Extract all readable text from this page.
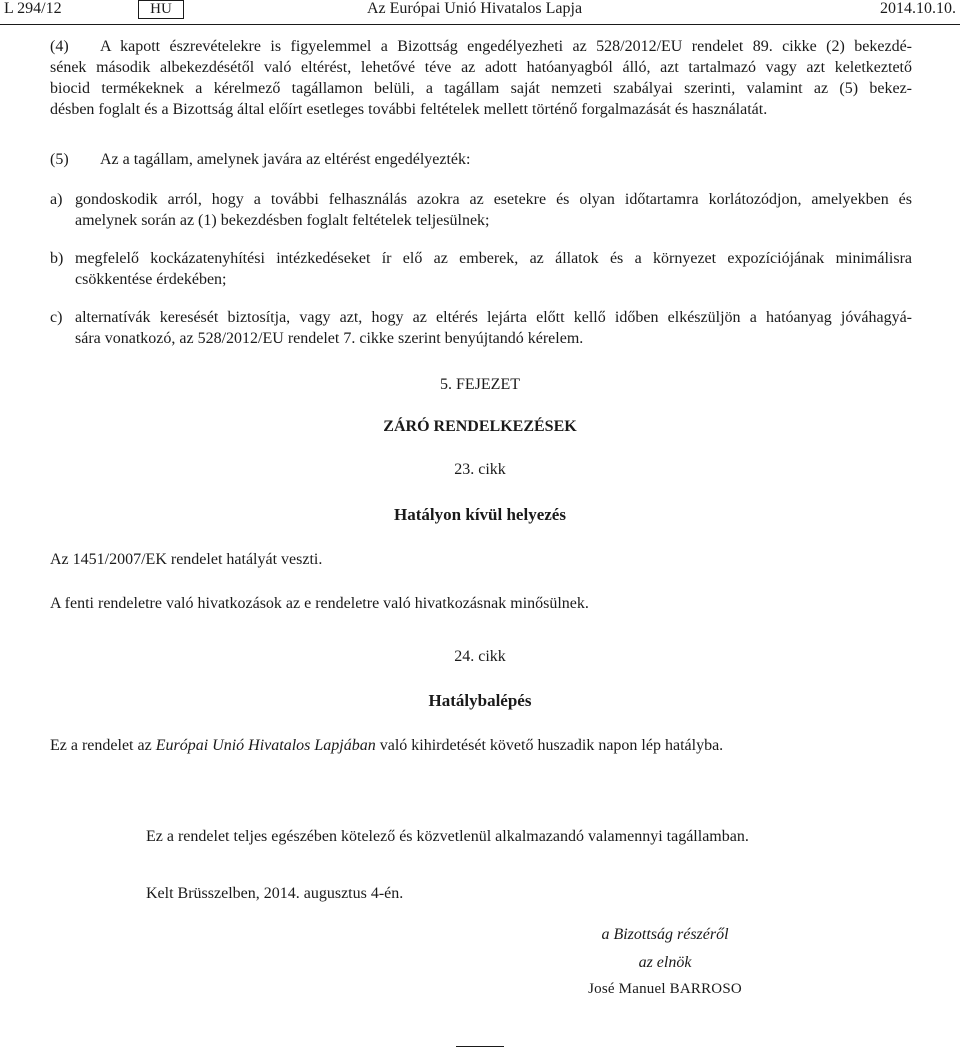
L 294/12	HU	Az Európai Unió Hivatalos Lapja	2014.10.10.
(4) A kapott észrevételekre is figyelemmel a Bizottság engedélyezheti az 528/2012/EU rendelet 89. cikke (2) bekezdé-
sének második albekezdésétől való eltérést, lehetővé téve az adott hatóanyagból álló, azt tartalmazó vagy azt keletkeztető
biocid termékeknek a kérelmező tagállamon belüli, a tagállam saját nemzeti szabályai szerinti, valamint az (5) bekez-
désben foglalt és a Bizottság által előírt esetleges további feltételek mellett történő forgalmazását és használatát.
(5) Az a tagállam, amelynek javára az eltérést engedélyezték:
a) gondoskodik arról, hogy a további felhasználás azokra az esetekre és olyan időtartamra korlátozódjon, amelyekben és
amelynek során az (1) bekezdésben foglalt feltételek teljesülnek;
b) megfelelő kockázatenyhítési intézkedéseket ír elő az emberek, az állatok és a környezet expozíciójának minimálisra
csökkentése érdekében;
c) alternatívák keresését biztosítja, vagy azt, hogy az eltérés lejárta előtt kellő időben elkészüljön a hatóanyag jóváhagyá-
sára vonatkozó, az 528/2012/EU rendelet 7. cikke szerint benyújtandó kérelem.
5. FEJEZET
ZÁRÓ RENDELKEZÉSEK
23. cikk
Hatályon kívül helyezés
Az 1451/2007/EK rendelet hatályát veszti.
A fenti rendeletre való hivatkozások az e rendeletre való hivatkozásnak minősülnek.
24. cikk
Hatálybalépés
Ez a rendelet az Európai Unió Hivatalos Lapjában való kihirdetését követő huszadik napon lép hatályba.
Ez a rendelet teljes egészében kötelező és közvetlenül alkalmazandó valamennyi tagállamban.
Kelt Brüsszelben, 2014. augusztus 4-én.
a Bizottság részéről
az elnök
José Manuel BARROSO
